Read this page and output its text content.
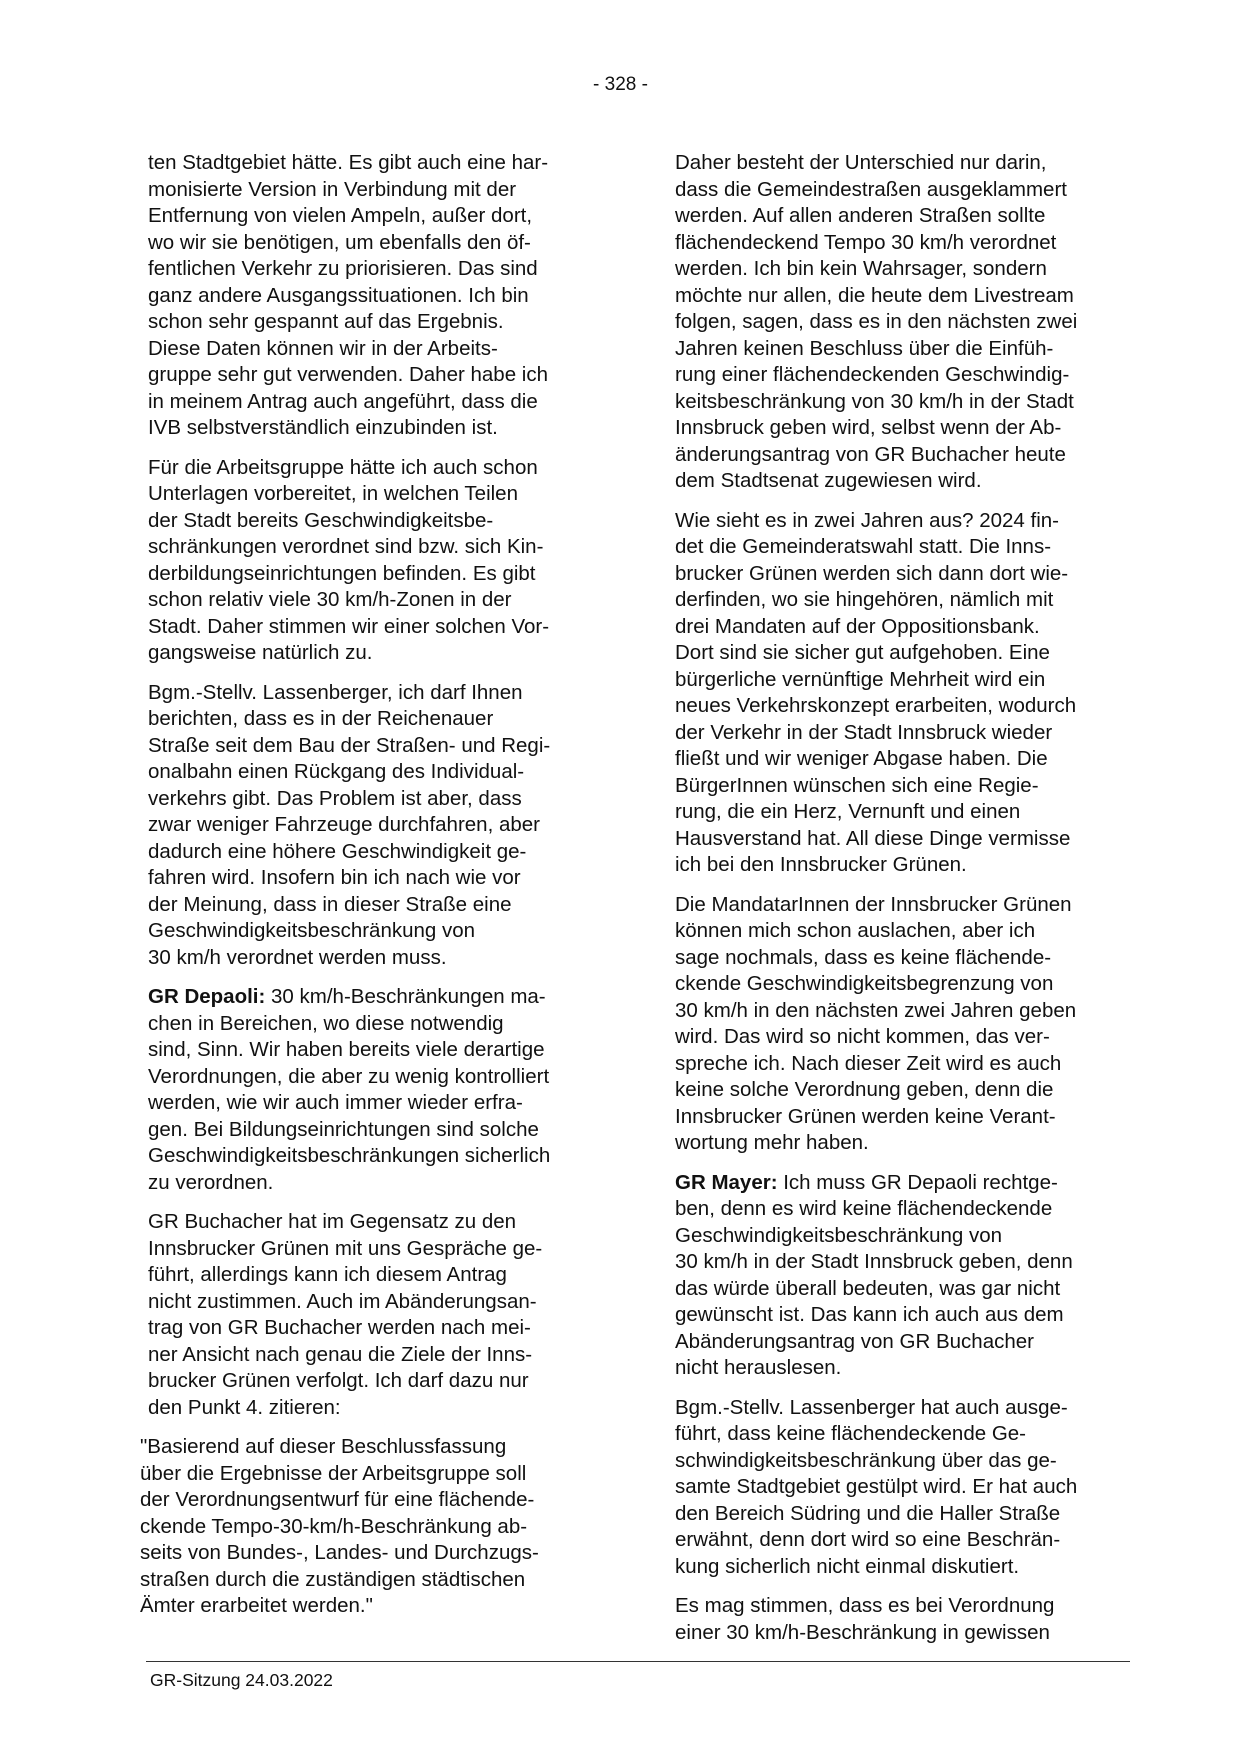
- 328 -

ten Stadtgebiet hätte. Es gibt auch eine har-
monisierte Version in Verbindung mit der
Entfernung von vielen Ampeln, außer dort,
wo wir sie benötigen, um ebenfalls den öf-
fentlichen Verkehr zu priorisieren. Das sind
ganz andere Ausgangssituationen. Ich bin
schon sehr gespannt auf das Ergebnis.
Diese Daten können wir in der Arbeits-
gruppe sehr gut verwenden. Daher habe ich
in meinem Antrag auch angeführt, dass die
IVB selbstverständlich einzubinden ist.

Für die Arbeitsgruppe hätte ich auch schon
Unterlagen vorbereitet, in welchen Teilen
der Stadt bereits Geschwindigkeitsbe-
schränkungen verordnet sind bzw. sich Kin-
derbildungseinrichtungen befinden. Es gibt
schon relativ viele 30 km/h-Zonen in der
Stadt. Daher stimmen wir einer solchen Vor-
gangsweise natürlich zu.

Bgm.-Stellv. Lassenberger, ich darf Ihnen
berichten, dass es in der Reichenauer
Straße seit dem Bau der Straßen- und Regi-
onalbahn einen Rückgang des Individual-
verkehrs gibt. Das Problem ist aber, dass
zwar weniger Fahrzeuge durchfahren, aber
dadurch eine höhere Geschwindigkeit ge-
fahren wird. Insofern bin ich nach wie vor
der Meinung, dass in dieser Straße eine
Geschwindigkeitsbeschränkung von
30 km/h verordnet werden muss.

GR Depaoli: 30 km/h-Beschränkungen ma-
chen in Bereichen, wo diese notwendig
sind, Sinn. Wir haben bereits viele derartige
Verordnungen, die aber zu wenig kontrolliert
werden, wie wir auch immer wieder erfra-
gen. Bei Bildungseinrichtungen sind solche
Geschwindigkeitsbeschränkungen sicherlich
zu verordnen.

GR Buchacher hat im Gegensatz zu den
Innsbrucker Grünen mit uns Gespräche ge-
führt, allerdings kann ich diesem Antrag
nicht zustimmen. Auch im Abänderungsan-
trag von GR Buchacher werden nach mei-
ner Ansicht nach genau die Ziele der Inns-
brucker Grünen verfolgt. Ich darf dazu nur
den Punkt 4. zitieren:

"Basierend auf dieser Beschlussfassung
über die Ergebnisse der Arbeitsgruppe soll
der Verordnungsentwurf für eine flächende-
ckende Tempo-30-km/h-Beschränkung ab-
seits von Bundes-, Landes- und Durchzugs-
straßen durch die zuständigen städtischen
Ämter erarbeitet werden."

Daher besteht der Unterschied nur darin,
dass die Gemeindestraßen ausgeklammert
werden. Auf allen anderen Straßen sollte
flächendeckend Tempo 30 km/h verordnet
werden. Ich bin kein Wahrsager, sondern
möchte nur allen, die heute dem Livestream
folgen, sagen, dass es in den nächsten zwei
Jahren keinen Beschluss über die Einfüh-
rung einer flächendeckenden Geschwindig-
keitsbeschränkung von 30 km/h in der Stadt
Innsbruck geben wird, selbst wenn der Ab-
änderungsantrag von GR Buchacher heute
dem Stadtsenat zugewiesen wird.

Wie sieht es in zwei Jahren aus? 2024 fin-
det die Gemeinderatswahl statt. Die Inns-
brucker Grünen werden sich dann dort wie-
derfinden, wo sie hingehören, nämlich mit
drei Mandaten auf der Oppositionsbank.
Dort sind sie sicher gut aufgehoben. Eine
bürgerliche vernünftige Mehrheit wird ein
neues Verkehrskonzept erarbeiten, wodurch
der Verkehr in der Stadt Innsbruck wieder
fließt und wir weniger Abgase haben. Die
BürgerInnen wünschen sich eine Regie-
rung, die ein Herz, Vernunft und einen
Hausverstand hat. All diese Dinge vermisse
ich bei den Innsbrucker Grünen.

Die MandatarInnen der Innsbrucker Grünen
können mich schon auslachen, aber ich
sage nochmals, dass es keine flächende-
ckende Geschwindigkeitsbegrenzung von
30 km/h in den nächsten zwei Jahren geben
wird. Das wird so nicht kommen, das ver-
spreche ich. Nach dieser Zeit wird es auch
keine solche Verordnung geben, denn die
Innsbrucker Grünen werden keine Verant-
wortung mehr haben.

GR Mayer: Ich muss GR Depaoli rechtge-
ben, denn es wird keine flächendeckende
Geschwindigkeitsbeschränkung von
30 km/h in der Stadt Innsbruck geben, denn
das würde überall bedeuten, was gar nicht
gewünscht ist. Das kann ich auch aus dem
Abänderungsantrag von GR Buchacher
nicht herauslesen.

Bgm.-Stellv. Lassenberger hat auch ausge-
führt, dass keine flächendeckende Ge-
schwindigkeitsbeschränkung über das ge-
samte Stadtgebiet gestülpt wird. Er hat auch
den Bereich Südring und die Haller Straße
erwähnt, denn dort wird so eine Beschrän-
kung sicherlich nicht einmal diskutiert.

Es mag stimmen, dass es bei Verordnung
einer 30 km/h-Beschränkung in gewissen

GR-Sitzung 24.03.2022
